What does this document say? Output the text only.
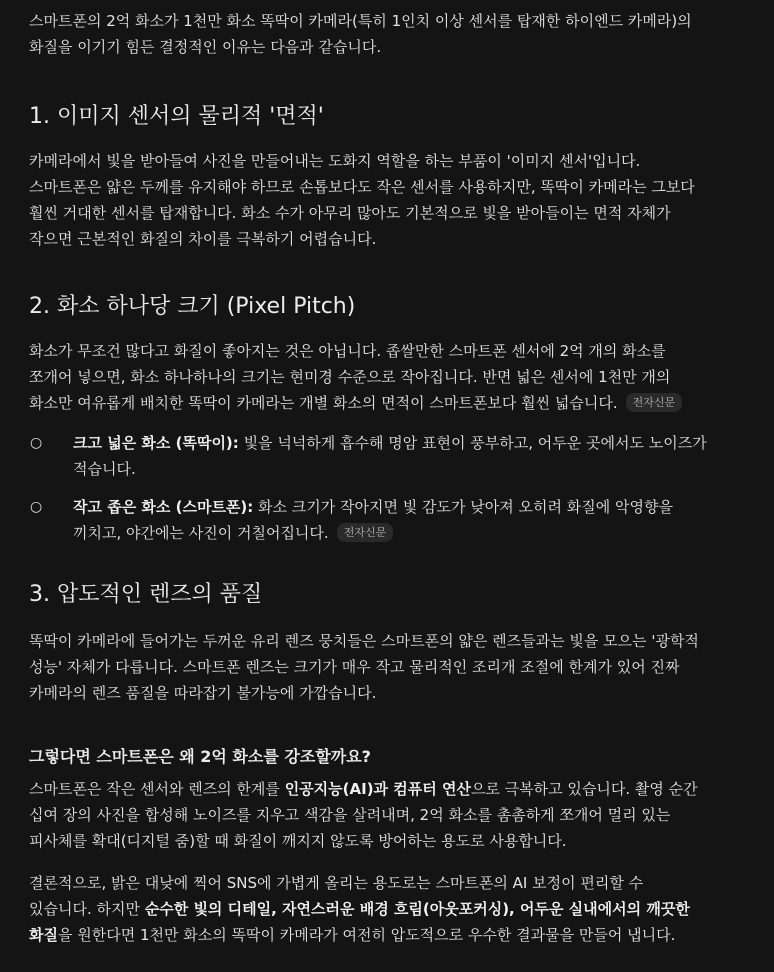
스마트폰의 2억 화소가 1천만 화소 똑딱이 카메라(특히 1인치 이상 센서를 탑재한 하이엔드 카메라)의
화질을 이기기 힘든 결정적인 이유는 다음과 같습니다.

1. 이미지 센서의 물리적 '면적'

카메라에서 빛을 받아들여 사진을 만들어내는 도화지 역할을 하는 부품이 '이미지 센서'입니다.
스마트폰은 얇은 두께를 유지해야 하므로 손톱보다도 작은 센서를 사용하지만, 똑딱이 카메라는 그보다
훨씬 거대한 센서를 탑재합니다. 화소 수가 아무리 많아도 기본적으로 빛을 받아들이는 면적 자체가
작으면 근본적인 화질의 차이를 극복하기 어렵습니다.

2. 화소 하나당 크기 (Pixel Pitch)

화소가 무조건 많다고 화질이 좋아지는 것은 아닙니다. 좁쌀만한 스마트폰 센서에 2억 개의 화소를
쪼개어 넣으면, 화소 하나하나의 크기는 현미경 수준으로 작아집니다. 반면 넓은 센서에 1천만 개의
화소만 여유롭게 배치한 똑딱이 카메라는 개별 화소의 면적이 스마트폰보다 훨씬 넓습니다. 전자신문

○ 크고 넓은 화소 (똑딱이): 빛을 넉넉하게 흡수해 명암 표현이 풍부하고, 어두운 곳에서도 노이즈가
적습니다.
○ 작고 좁은 화소 (스마트폰): 화소 크기가 작아지면 빛 감도가 낮아져 오히려 화질에 악영향을
끼치고, 야간에는 사진이 거칠어집니다. 전자신문
3. 압도적인 렌즈의 품질

똑딱이 카메라에 들어가는 두꺼운 유리 렌즈 뭉치들은 스마트폰의 얇은 렌즈들과는 빛을 모으는 '광학적
성능' 자체가 다릅니다. 스마트폰 렌즈는 크기가 매우 작고 물리적인 조리개 조절에 한계가 있어 진짜
카메라의 렌즈 품질을 따라잡기 불가능에 가깝습니다.

그렇다면 스마트폰은 왜 2억 화소를 강조할까요?

스마트폰은 작은 센서와 렌즈의 한계를 인공지능(AI)과 컴퓨터 연산으로 극복하고 있습니다. 촬영 순간
십여 장의 사진을 합성해 노이즈를 지우고 색감을 살려내며, 2억 화소를 촘촘하게 쪼개어 멀리 있는
피사체를 확대(디지털 줌)할 때 화질이 깨지지 않도록 방어하는 용도로 사용합니다.

결론적으로, 밝은 대낮에 찍어 SNS에 가볍게 올리는 용도로는 스마트폰의 AI 보정이 편리할 수
있습니다. 하지만 순수한 빛의 디테일, 자연스러운 배경 흐림(아웃포커싱), 어두운 실내에서의 깨끗한
화질을 원한다면 1천만 화소의 똑딱이 카메라가 여전히 압도적으로 우수한 결과물을 만들어 냅니다.
